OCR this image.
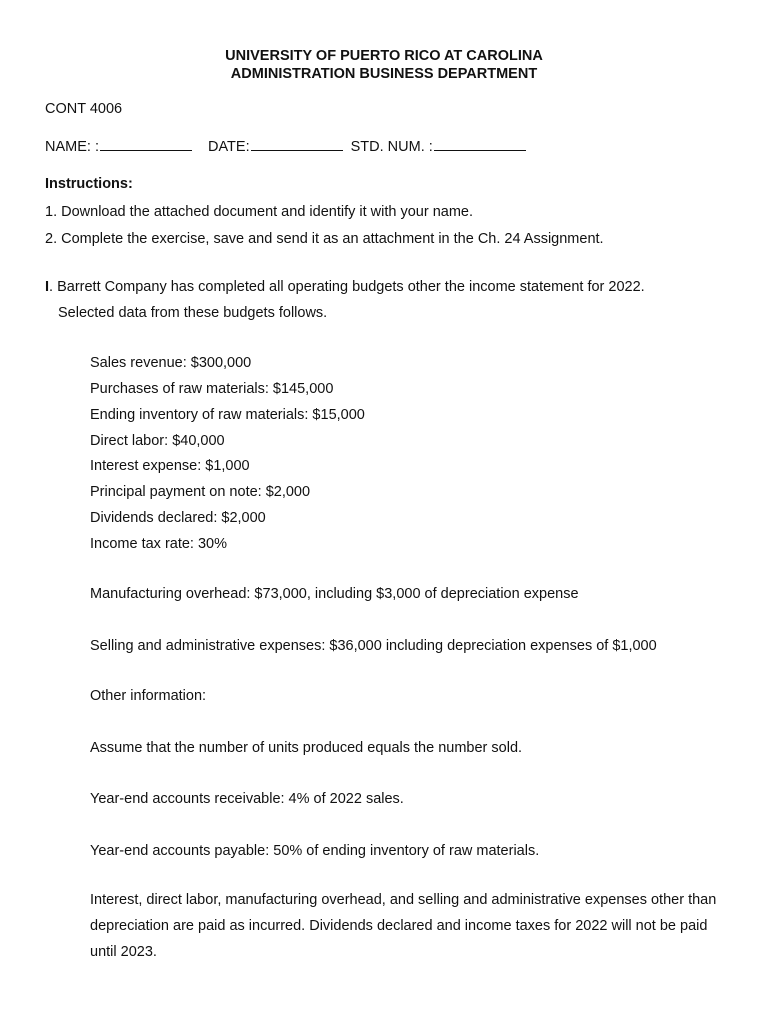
UNIVERSITY OF PUERTO RICO AT CAROLINA
ADMINISTRATION BUSINESS DEPARTMENT
CONT 4006
NAME: :	DATE:	STD. NUM. :
Instructions:
1. Download the attached document and identify it with your name.
2. Complete the exercise, save and send it as an attachment in the Ch. 24 Assignment.
I. Barrett Company has completed all operating budgets other the income statement for 2022.
Selected data from these budgets follows.
Sales revenue: $300,000
Purchases of raw materials: $145,000
Ending inventory of raw materials: $15,000
Direct labor: $40,000
Interest expense: $1,000
Principal payment on note: $2,000
Dividends declared: $2,000
Income tax rate: 30%
Manufacturing overhead: $73,000, including $3,000 of depreciation expense
Selling and administrative expenses: $36,000 including depreciation expenses of $1,000
Other information:
Assume that the number of units produced equals the number sold.
Year-end accounts receivable: 4% of 2022 sales.
Year-end accounts payable: 50% of ending inventory of raw materials.
Interest, direct labor, manufacturing overhead, and selling and administrative expenses other than depreciation are paid as incurred. Dividends declared and income taxes for 2022 will not be paid until 2023.
